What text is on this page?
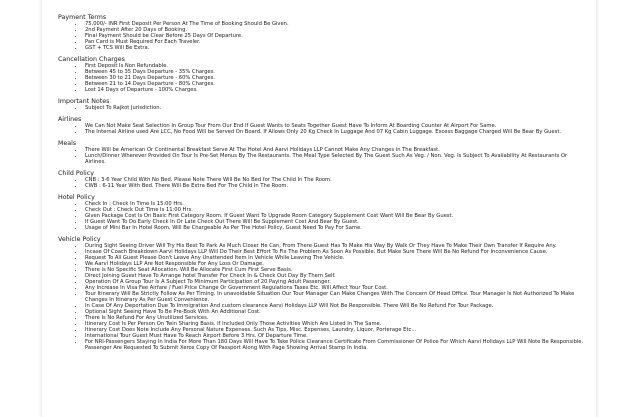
Payment Terms
• 75,000/- INR First Deposit Per Person At The Time of Booking Should Be Given.
• 2nd Payment After 20 Days of Booking.
• Final Payment Should be Clear Before 25 Days Of Departure.
• Pan Card is Must Required For Each Traveler.
• GST + TCS Will Be Extra.
Cancellation Charges
• First Deposit Is Non Refundable.
• Between 45 to 35 Days Departure - 35% Charges.
• Between 30 to 21 Days Departure - 60% Charges.
• Between 21 to 14 Days Departure - 80% Charges.
• Lost 14 Days of Departure - 100% Charges.
Important Notes
• Subject To Rajkot Jurisdiction.
Airlines
• We Can Not Make Seat Selection In Group Tour From Our End If Guest Wants to Seats Together Guest Have To Inform At Boarding Counter At Airport For Same.
• The Internal Airline used Are LCC, No Food Will be Served On Board. If Allows Only 20 Kg Check In Luggage And 07 Kg Cabin Luggage. Excess Baggage Charged Will Be Bear By Guest.
Meals
• There Will be American Or Continental Breakfast Serve At The Hotel And Aarvi Holidays LLP Cannot Make Any Changes In The Breakfast.
• Lunch/Dinner Wherever Provided On Tour Is Pre-Set Menus By The Restaurants. The Meal Type Selected By The Guest Such As Veg. / Non. Veg. Is Subject To Availability At Restaurants Or Airlines.
Child Policy
• CNB : 3-6 Year Child With No Bed. Please Note There Will Be No Bed for The Child In The Room.
• CWB : 6-11 Year With Bed. There Will Be Extra Bed For The Child In The Room.
Hotel Policy
• Check In : Check In Time Is 15:00 Hrs.
• Check Out : Check Out Time Is 11:00 Hrs.
• Given Package Cost Is On Basic First Category Room. If Guest Want To Upgrade Room Category Supplement Cost Want Will Be Bear By Guest.
• If Guest Want To Do Early Check In Or Late Check Out There Will Be Supplement Cost And Bear By Guest.
• Usage of Mini Bar In Hotel Room, Will Be Chargeable As Per The Hotel Policy, Guest Need To Pay For Same.
Vehicle Policy
• During Sight Seeing Driver Will Try His Best To Park As Much Closer He Can, From There Guest Has To Make His Way By Walk Or They Have To Make Their Own Transfer If Require Any.
• Incase Of Coach Breakdown Aarvi Holidays LLP Will Do Their Best Effort To Fix The Problem As Soon As Possible. But Make Sure There Will Be No Refund For Inconvenience Cause.
• Request To All Guest Please Don't Leave Any Unattended Item In Vehicle While Leaving The Vehicle.
• We Aarvi Holidays LLP Are Not Responsible For Any Loss Or Damage.
• There is No Specific Seat Allocation. Will Be Allocate First Cum First Serve Basis.
• Direct Joining Guest Have To Arrange hotel Transfer For Check In & Check Out Day By Them Self.
• Operation Of A Group Tour Is A Subject To Minimum Participation of 20 Paying Adult Passenger.
• Any Increase In Visa Fee Airfare / Fuel Price Change Or Government Regulations Taxes Etc. Will Affect Your Tour Cost.
• Tour Itinerary Will Be Strictly Follow As Per Timing. In unavoidable Situation Our Tour Manager Can Make Changes With The Concern Of Head Office. Tour Manager Is Not Authorized To Make Changes In Itinerary As Per Guest Convenience.
• In Case Of Any Deportation Due To Immigration And custom clearance Aarvi Holidays LLP Will Not Be Responsible. There Will Be No Refund For Tour Package.
• Optional Sight Seeing Have To Be Pre-Book With An Additional Cost.
• There Is No Refund For Any Unutilized Services.
• Itinerary Cost Is Per Person On Twin Sharing Basis. If Included Only Those Activities Which Are Listed In The Same.
• Itinerary Cost Does Note Include Any Personal Nature Expenses. Such As Tips, Misc. Expenses, Laundry, Liquor, Porterage Etc...
• International Tour Guest Must Have To Reach Airport Before 3 Hrs. Of Departure Time.
• For NRI-Passengers Staying In India For More Than 180 Days Will Have To Take Police Clearance Certificate From Commissioner Of Police For Which Aarvi Holidays LLP Will Note Be Responsible. Passenger Are Requested To Submit Xerox Copy Of Passport Along With Page Showing Arrival Stamp In India.
